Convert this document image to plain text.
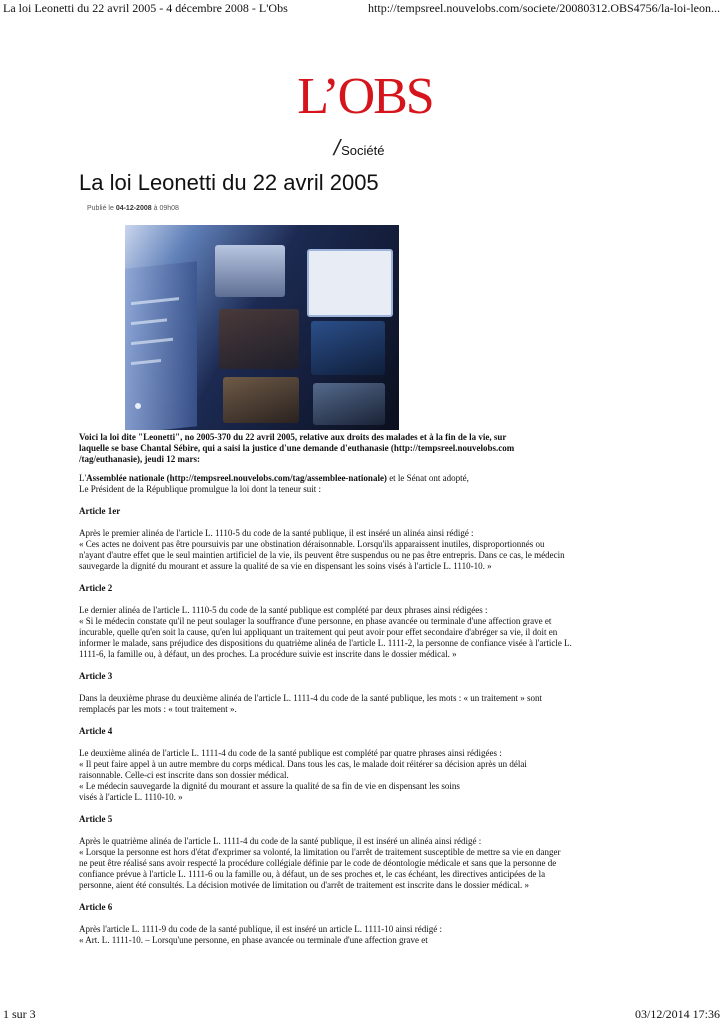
La loi Leonetti du 22 avril 2005 - 4 décembre 2008 - L'Obs	http://tempsreel.nouvelobs.com/societe/20080312.OBS4756/la-loi-leon...
L’OBS
/Société
La loi Leonetti du 22 avril 2005
Publié le 04-12-2008 à 09h08

Voici la loi dite "Leonetti", no 2005-370 du 22 avril 2005, relative aux droits des malades et à la fin de la vie, sur
laquelle se base Chantal Sébire, qui a saisi la justice d'une demande d'euthanasie (http://tempsreel.nouvelobs.com
/tag/euthanasie), jeudi 12 mars:

L'Assemblée nationale (http://tempsreel.nouvelobs.com/tag/assemblee-nationale) et le Sénat ont adopté,
Le Président de la République promulgue la loi dont la teneur suit :

Article 1er

Après le premier alinéa de l'article L. 1110-5 du code de la santé publique, il est inséré un alinéa ainsi rédigé :
« Ces actes ne doivent pas être poursuivis par une obstination déraisonnable. Lorsqu'ils apparaissent inutiles, disproportionnés ou
n'ayant d'autre effet que le seul maintien artificiel de la vie, ils peuvent être suspendus ou ne pas être entrepris. Dans ce cas, le médecin
sauvegarde la dignité du mourant et assure la qualité de sa vie en dispensant les soins visés à l'article L. 1110-10. »

Article 2

Le dernier alinéa de l'article L. 1110-5 du code de la santé publique est complété par deux phrases ainsi rédigées :
« Si le médecin constate qu'il ne peut soulager la souffrance d'une personne, en phase avancée ou terminale d'une affection grave et
incurable, quelle qu'en soit la cause, qu'en lui appliquant un traitement qui peut avoir pour effet secondaire d'abréger sa vie, il doit en
informer le malade, sans préjudice des dispositions du quatrième alinéa de l'article L. 1111-2, la personne de confiance visée à l'article L.
1111-6, la famille ou, à défaut, un des proches. La procédure suivie est inscrite dans le dossier médical. »

Article 3

Dans la deuxième phrase du deuxième alinéa de l'article L. 1111-4 du code de la santé publique, les mots : « un traitement » sont
remplacés par les mots : « tout traitement ».

Article 4

Le deuxième alinéa de l'article L. 1111-4 du code de la santé publique est complété par quatre phrases ainsi rédigées :
« Il peut faire appel à un autre membre du corps médical. Dans tous les cas, le malade doit réitérer sa décision après un délai
raisonnable. Celle-ci est inscrite dans son dossier médical.
« Le médecin sauvegarde la dignité du mourant et assure la qualité de sa fin de vie en dispensant les soins
visés à l'article L. 1110-10. »

Article 5

Après le quatrième alinéa de l'article L. 1111-4 du code de la santé publique, il est inséré un alinéa ainsi rédigé :
« Lorsque la personne est hors d'état d'exprimer sa volonté, la limitation ou l'arrêt de traitement susceptible de mettre sa vie en danger
ne peut être réalisé sans avoir respecté la procédure collégiale définie par le code de déontologie médicale et sans que la personne de
confiance prévue à l'article L. 1111-6 ou la famille ou, à défaut, un de ses proches et, le cas échéant, les directives anticipées de la
personne, aient été consultés. La décision motivée de limitation ou d'arrêt de traitement est inscrite dans le dossier médical. »

Article 6

Après l'article L. 1111-9 du code de la santé publique, il est inséré un article L. 1111-10 ainsi rédigé :
« Art. L. 1111-10. – Lorsqu'une personne, en phase avancée ou terminale d'une affection grave et

1 sur 3	03/12/2014 17:36
